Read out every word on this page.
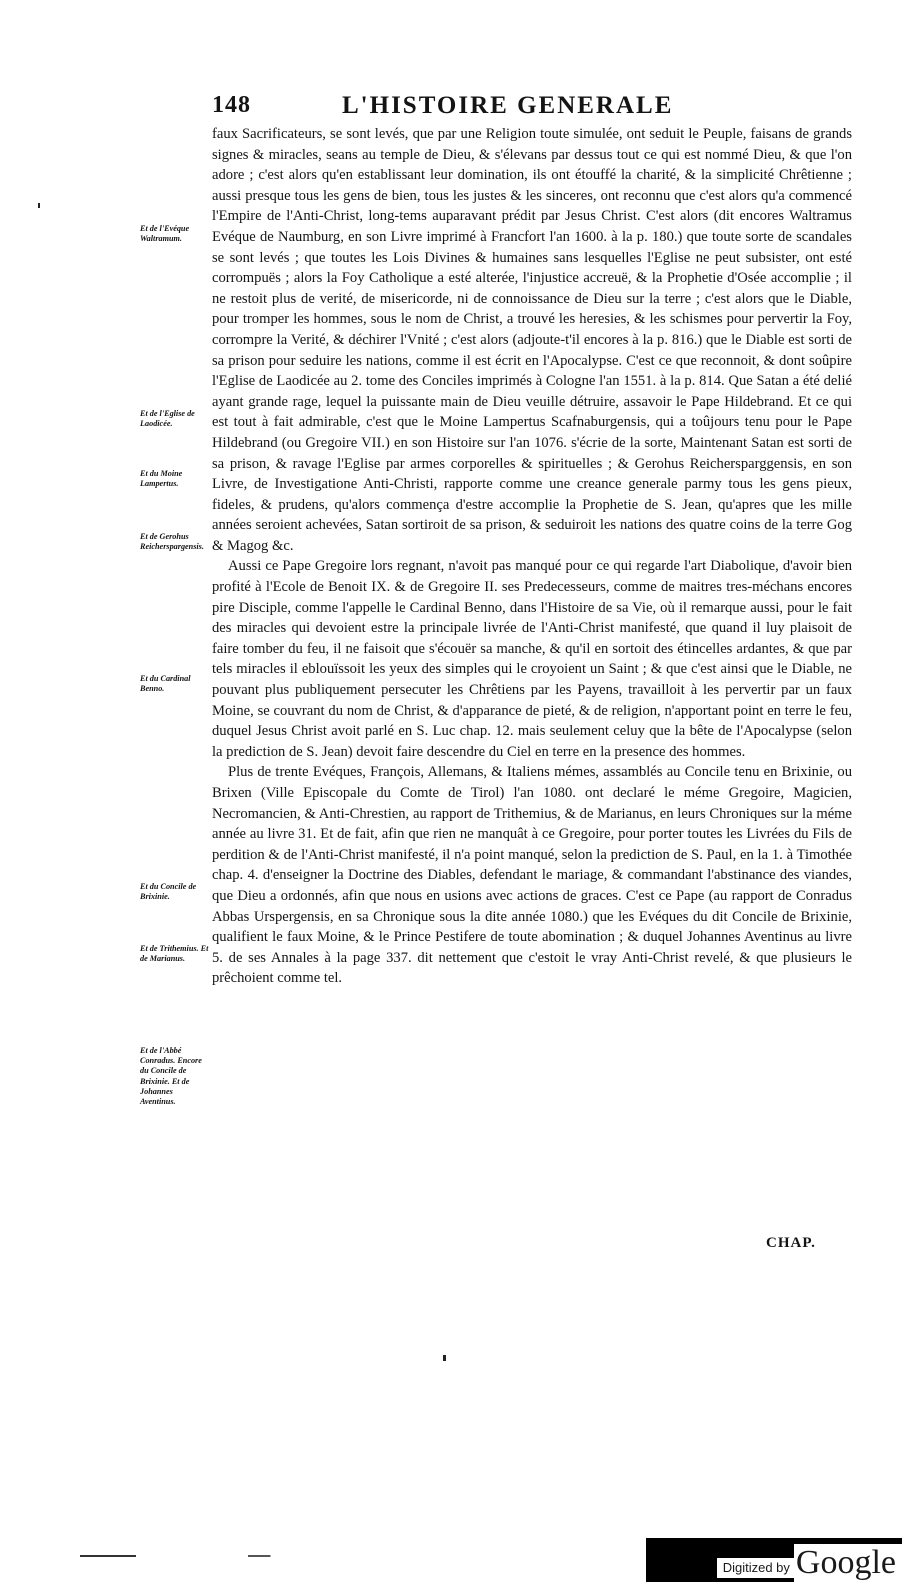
148	L'HISTOIRE GENERALE

faux Sacrificateurs, se sont levés, que par une Religion toute simulée, ont seduit le Peuple, faisans de grands signes & miracles, seans au temple de Dieu, & s'élevans par dessus tout ce qui est nommé Dieu, & que l'on adore ; c'est alors qu'en establissant leur domination, ils ont étouffé la charité, & la simplicité Chrêtienne ; aussi presque tous les gens de bien, tous les justes & les sinceres, ont reconnu que c'est alors qu'a commencé l'Empire de l'Anti-Christ, long-tems auparavant prédit par Jesus Christ. C'est alors (dit encores Waltramus Evéque de Naumburg, en son Livre imprimé à Francfort l'an 1600. à la p. 180.) que toute sorte de scandales se sont levés ; que toutes les Lois Divines & humaines sans lesquelles l'Eglise ne peut subsister, ont esté corrompuës ; alors la Foy Catholique a esté alterée, l'injustice accreuë, & la Prophetie d'Osée accomplie ; il ne restoit plus de verité, de misericorde, ni de connoissance de Dieu sur la terre ; c'est alors que le Diable, pour tromper les hommes, sous le nom de Christ, a trouvé les heresies, & les schismes pour pervertir la Foy, corrompre la Verité, & déchirer l'Vnité ; c'est alors (adjoute-t'il encores à la p. 816.) que le Diable est sorti de sa prison pour seduire les nations, comme il est écrit en l'Apocalypse. C'est ce que reconnoit, & dont soûpire l'Eglise de Laodicée au 2. tome des Conciles imprimés à Cologne l'an 1551. à la p. 814. Que Satan a été delié ayant grande rage, lequel la puissante main de Dieu veuille détruire, assavoir le Pape Hildebrand. Et ce qui est tout à fait admirable, c'est que le Moine Lampertus Scafnaburgensis, qui a toûjours tenu pour le Pape Hildebrand (ou Gregoire VII.) en son Histoire sur l'an 1076. s'écrie de la sorte, Maintenant Satan est sorti de sa prison, & ravage l'Eglise par armes corporelles & spirituelles ; & Gerohus Reichersparggensis, en son Livre, de Investigatione Anti-Christi, rapporte comme une creance generale parmy tous les gens pieux, fideles, & prudens, qu'alors commença d'estre accomplie la Prophetie de S. Jean, qu'apres que les mille années seroient achevées, Satan sortiroit de sa prison, & seduiroit les nations des quatre coins de la terre Gog & Magog &c.

Aussi ce Pape Gregoire lors regnant, n'avoit pas manqué pour ce qui regarde l'art Diabolique, d'avoir bien profité à l'Ecole de Benoit IX. & de Gregoire II. ses Predecesseurs, comme de maitres tres-méchans encores pire Disciple, comme l'appelle le Cardinal Benno, dans l'Histoire de sa Vie, où il remarque aussi, pour le fait des miracles qui devoient estre la principale livrée de l'Anti-Christ manifesté, que quand il luy plaisoit de faire tomber du feu, il ne faisoit que s'écouër sa manche, & qu'il en sortoit des étincelles ardantes, & que par tels miracles il eblouïssoit les yeux des simples qui le croyoient un Saint ; & que c'est ainsi que le Diable, ne pouvant plus publiquement persecuter les Chrêtiens par les Payens, travailloit à les pervertir par un faux Moine, se couvrant du nom de Christ, & d'apparance de pieté, & de religion, n'apportant point en terre le feu, duquel Jesus Christ avoit parlé en S. Luc chap. 12. mais seulement celuy que la bête de l'Apocalypse (selon la prediction de S. Jean) devoit faire descendre du Ciel en terre en la presence des hommes.

Plus de trente Evéques, François, Allemans, & Italiens mémes, assamblés au Concile tenu en Brixinie, ou Brixen (Ville Episcopale du Comte de Tirol) l'an 1080. ont declaré le méme Gregoire, Magicien, Necromancien, & Anti-Chrestien, au rapport de Trithemius, & de Marianus, en leurs Chroniques sur la méme année au livre 31. Et de fait, afin que rien ne manquât à ce Gregoire, pour porter toutes les Livrées du Fils de perdition & de l'Anti-Christ manifesté, il n'a point manqué, selon la prediction de S. Paul, en la 1. à Timothée chap. 4. d'enseigner la Doctrine des Diables, defendant le mariage, & commandant l'abstinance des viandes, que Dieu a ordonnés, afin que nous en usions avec actions de graces. C'est ce Pape (au rapport de Conradus Abbas Urspergensis, en sa Chronique sous la dite année 1080.) que les Evéques du dit Concile de Brixinie, qualifient le faux Moine, & le Prince Pestifere de toute abomination ; & duquel Johannes Aventinus au livre 5. de ses Annales à la page 337. dit nettement que c'estoit le vray Anti-Christ revelé, & que plusieurs le prêchoient comme tel.

Et de l'Evéque Waltramum.
Et de l'Eglise de Laodicée.
Et du Moine Lampertus.
Et de Gerohus Reicherspargensis.
Et du Cardinal Benno.
Et du Concile de Brixinie.
Et de Trithemius. Et de Marianus.
Et de l'Abbé Conradus. Encore du Concile de Brixinie. Et de Johannes Aventinus.
CHAP.
Digitized by Google
